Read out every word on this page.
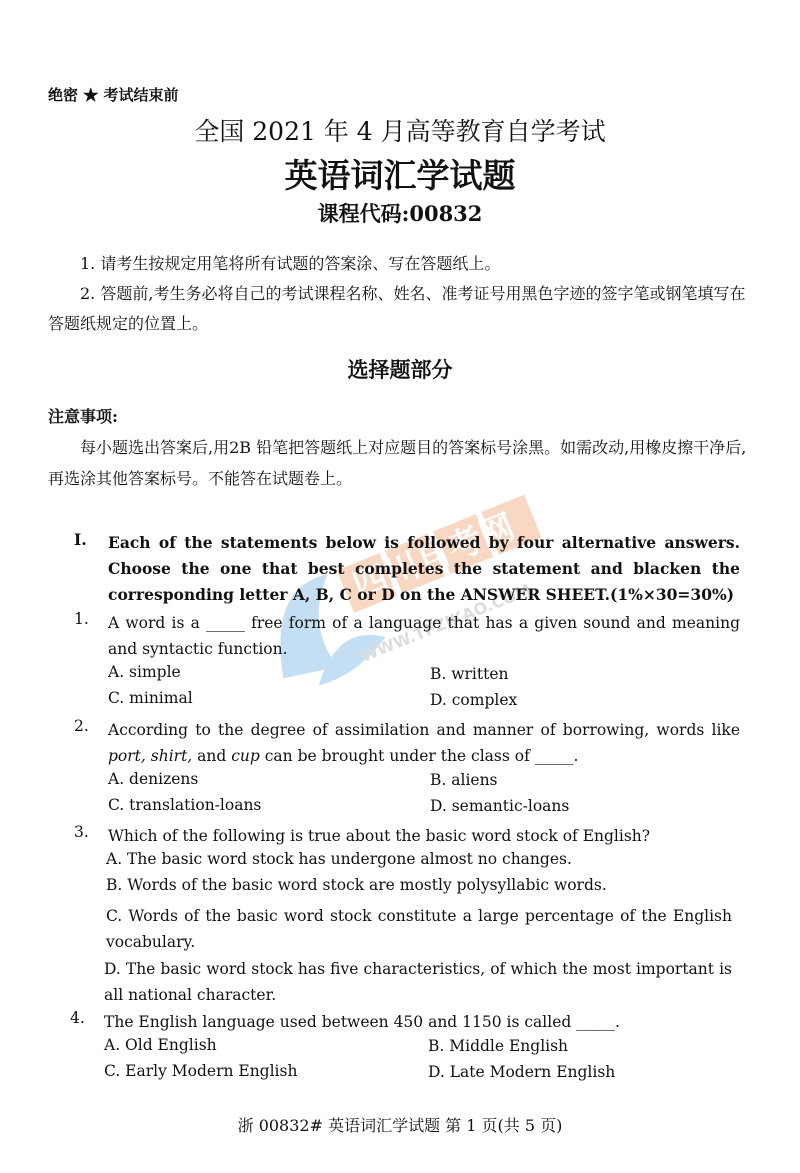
绝密 ★ 考试结束前
全国 2021 年 4 月高等教育自学考试
英语词汇学试题
课程代码:00832
1. 请考生按规定用笔将所有试题的答案涂、写在答题纸上。
2. 答题前,考生务必将自己的考试课程名称、姓名、准考证号用黑色字迹的签字笔或钢笔填写在答题纸规定的位置上。
选择题部分
注意事项:
每小题选出答案后,用2B 铅笔把答题纸上对应题目的答案标号涂黑。如需改动,用橡皮擦干净后,再选涂其他答案标号。不能答在试题卷上。
四川自考网
WWW.TFZIKAO.COM
I. Each of the statements below is followed by four alternative answers. Choose the one that best completes the statement and blacken the corresponding letter A, B, C or D on the ANSWER SHEET.(1%×30=30%)
1. A word is a _____ free form of a language that has a given sound and meaning and syntactic function.
A. simple	B. written
C. minimal	D. complex
2. According to the degree of assimilation and manner of borrowing, words like port, shirt, and cup can be brought under the class of _____.
A. denizens	B. aliens
C. translation-loans	D. semantic-loans
3. Which of the following is true about the basic word stock of English?
A. The basic word stock has undergone almost no changes.
B. Words of the basic word stock are mostly polysyllabic words.
C. Words of the basic word stock constitute a large percentage of the English vocabulary.
D. The basic word stock has five characteristics, of which the most important is all national character.
4. The English language used between 450 and 1150 is called _____.
A. Old English	B. Middle English
C. Early Modern English	D. Late Modern English
浙 00832# 英语词汇学试题 第 1 页(共 5 页)
